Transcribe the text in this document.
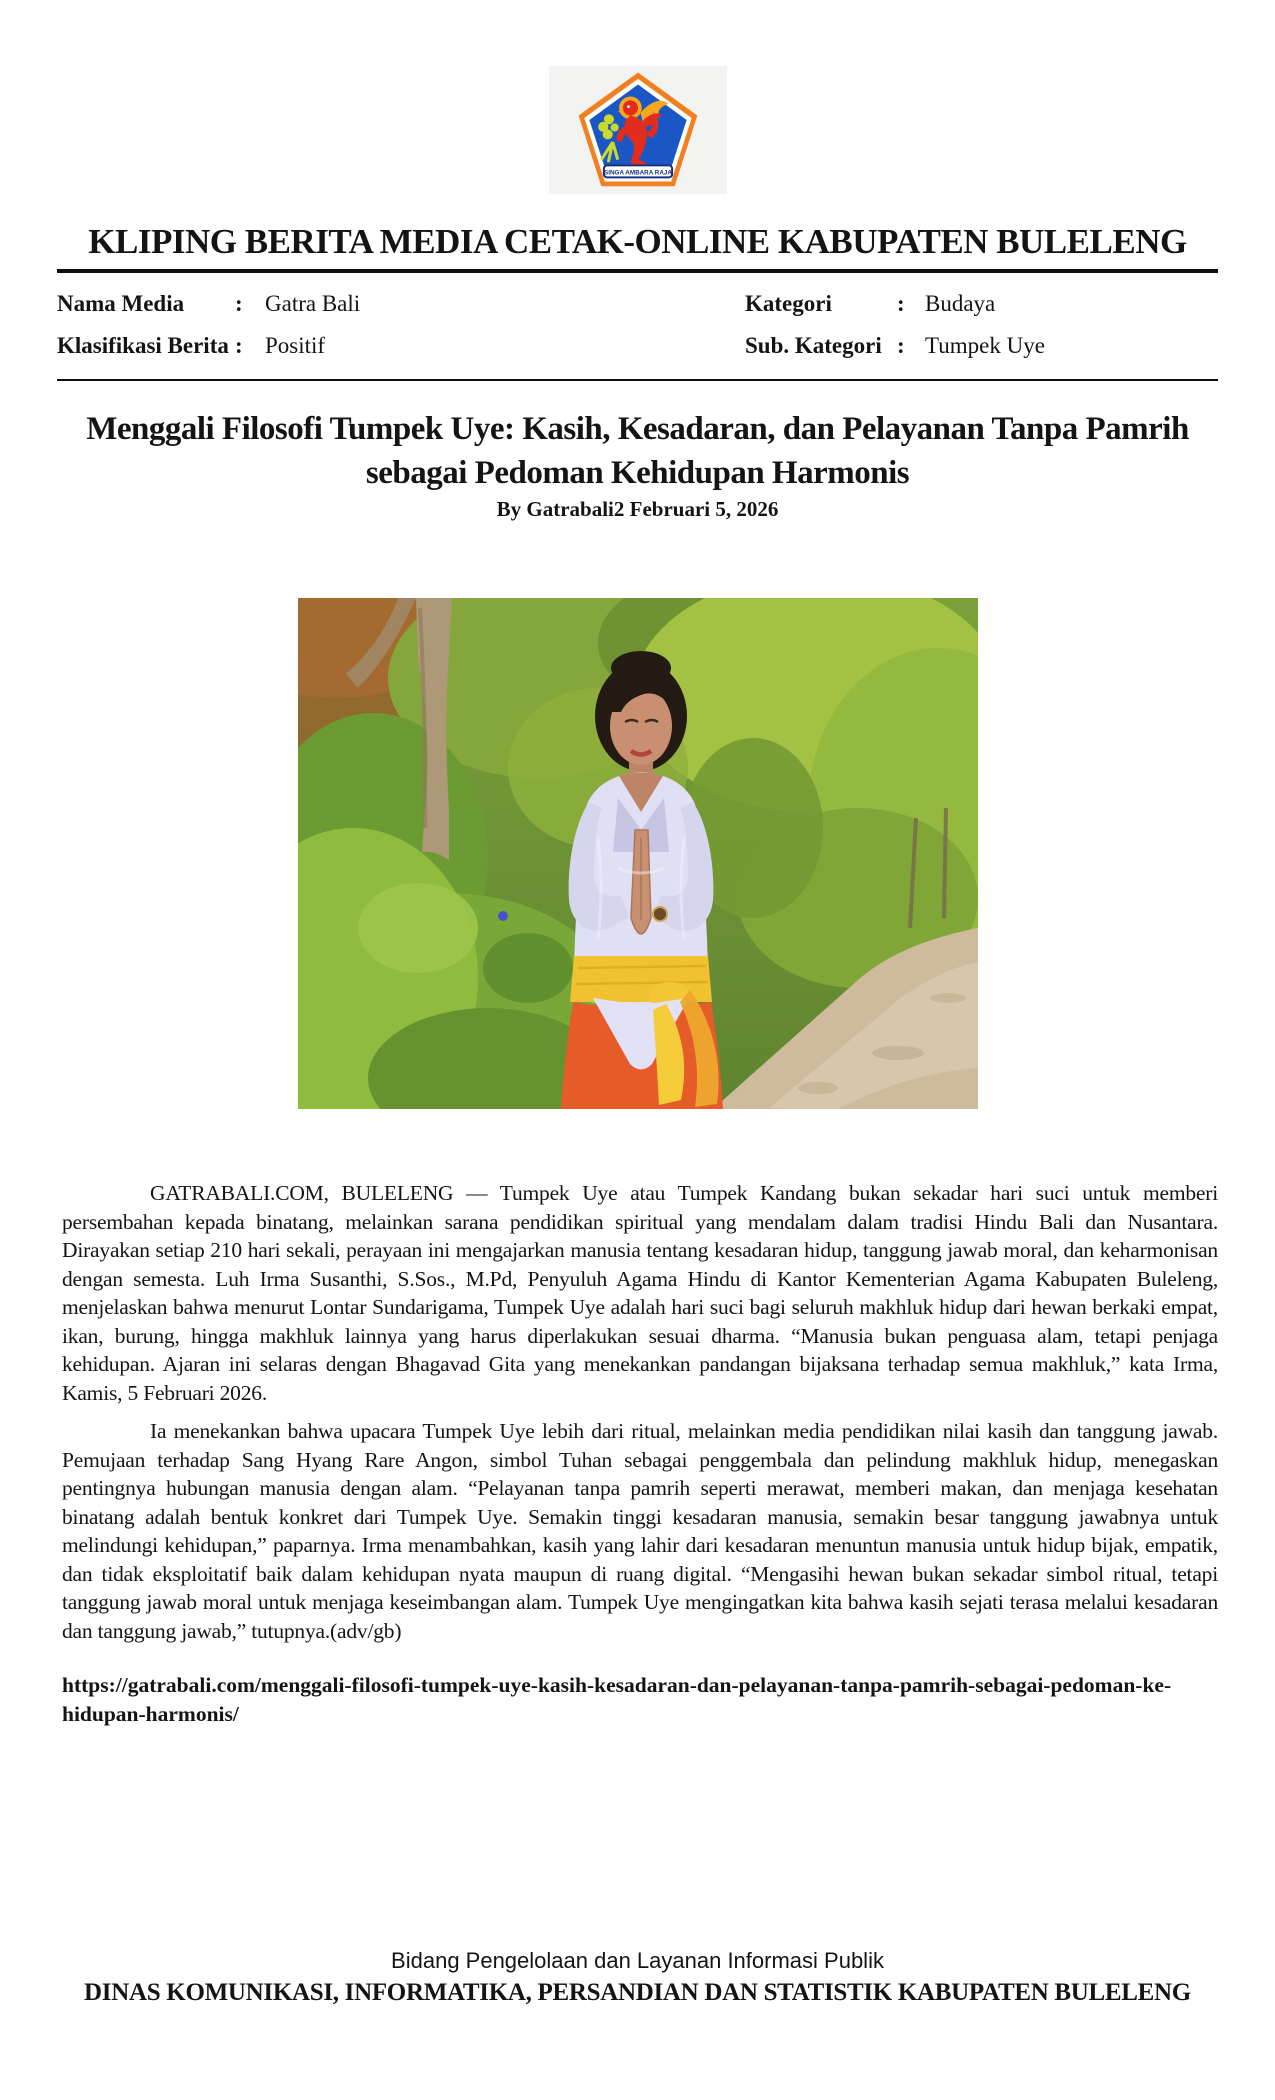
SINGA AMBARA RAJA
KLIPING BERITA MEDIA CETAK-ONLINE KABUPATEN BULELENG
Nama Media	: Gatra Bali	Kategori	: Budaya
Klasifikasi Berita : Positif	Sub. Kategori : Tumpek Uye
Menggali Filosofi Tumpek Uye: Kasih, Kesadaran, dan Pelayanan Tanpa Pamrih sebagai Pedoman Kehidupan Harmonis
By Gatrabali2 Februari 5, 2026

GATRABALI.COM, BULELENG — Tumpek Uye atau Tumpek Kandang bukan sekadar hari suci untuk memberi persembahan kepada binatang, melainkan sarana pendidikan spiritual yang mendalam dalam tradisi Hindu Bali dan Nusantara. Dirayakan setiap 210 hari sekali, perayaan ini mengajarkan manusia tentang kesadaran hidup, tanggung jawab moral, dan keharmonisan dengan semesta. Luh Irma Susanthi, S.Sos., M.Pd, Penyuluh Agama Hindu di Kantor Kementerian Agama Kabupaten Buleleng, menjelaskan bahwa menurut Lontar Sundarigama, Tumpek Uye adalah hari suci bagi seluruh makhluk hidup dari hewan berkaki empat, ikan, burung, hingga makhluk lainnya yang harus diperlakukan sesuai dharma. “Manusia bukan penguasa alam, tetapi penjaga kehidupan. Ajaran ini selaras dengan Bhagavad Gita yang menekankan pandangan bijaksana terhadap semua makhluk,” kata Irma, Kamis, 5 Februari 2026.

Ia menekankan bahwa upacara Tumpek Uye lebih dari ritual, melainkan media pendidikan nilai kasih dan tanggung jawab. Pemujaan terhadap Sang Hyang Rare Angon, simbol Tuhan sebagai penggembala dan pelindung makhluk hidup, menegaskan pentingnya hubungan manusia dengan alam. “Pelayanan tanpa pamrih seperti merawat, memberi makan, dan menjaga kesehatan binatang adalah bentuk konkret dari Tumpek Uye. Semakin tinggi kesadaran manusia, semakin besar tanggung jawabnya untuk melindungi kehidupan,” paparnya. Irma menambahkan, kasih yang lahir dari kesadaran menuntun manusia untuk hidup bijak, empatik, dan tidak eksploitatif baik dalam kehidupan nyata maupun di ruang digital. “Mengasihi hewan bukan sekadar simbol ritual, tetapi tanggung jawab moral untuk menjaga keseimbangan alam. Tumpek Uye mengingatkan kita bahwa kasih sejati terasa melalui kesadaran dan tanggung jawab,” tutupnya.(adv/gb)

https://gatrabali.com/menggali-filosofi-tumpek-uye-kasih-kesadaran-dan-pelayanan-tanpa-pamrih-sebagai-pedoman-ke-hidupan-harmonis/
Bidang Pengelolaan dan Layanan Informasi Publik
DINAS KOMUNIKASI, INFORMATIKA, PERSANDIAN DAN STATISTIK KABUPATEN BULELENG
